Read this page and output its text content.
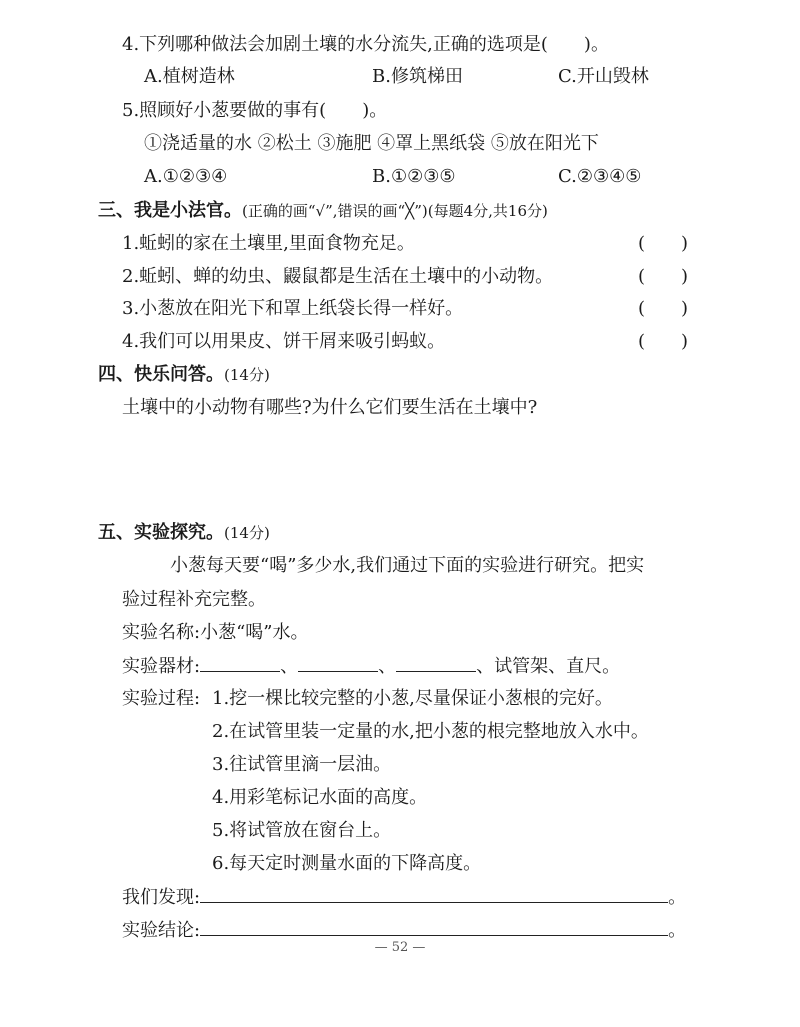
4.下列哪种做法会加剧土壤的水分流失,正确的选项是(　　)。
A.植树造林	B.修筑梯田	C.开山毁林
5.照顾好小葱要做的事有(　　)。
①浇适量的水 ②松土 ③施肥 ④罩上黑纸袋 ⑤放在阳光下
A.①②③④	B.①②③⑤	C.②③④⑤
三、我是小法官。(正确的画“√”,错误的画“╳”)(每题4分,共16分)
1.蚯蚓的家在土壤里,里面食物充足。	(　　)
2.蚯蚓、蝉的幼虫、鼹鼠都是生活在土壤中的小动物。	(　　)
3.小葱放在阳光下和罩上纸袋长得一样好。	(　　)
4.我们可以用果皮、饼干屑来吸引蚂蚁。	(　　)
四、快乐问答。(14分)
土壤中的小动物有哪些?为什么它们要生活在土壤中?
五、实验探究。(14分)
小葱每天要“喝”多少水,我们通过下面的实验进行研究。把实
验过程补充完整。
实验名称:小葱“喝”水。
实验器材:	、	、	、试管架、直尺。
实验过程: 1.挖一棵比较完整的小葱,尽量保证小葱根的完好。
2.在试管里装一定量的水,把小葱的根完整地放入水中。
3.往试管里滴一层油。
4.用彩笔标记水面的高度。
5.将试管放在窗台上。
6.每天定时测量水面的下降高度。
我们发现:	。
实验结论:	。
— 52 —
